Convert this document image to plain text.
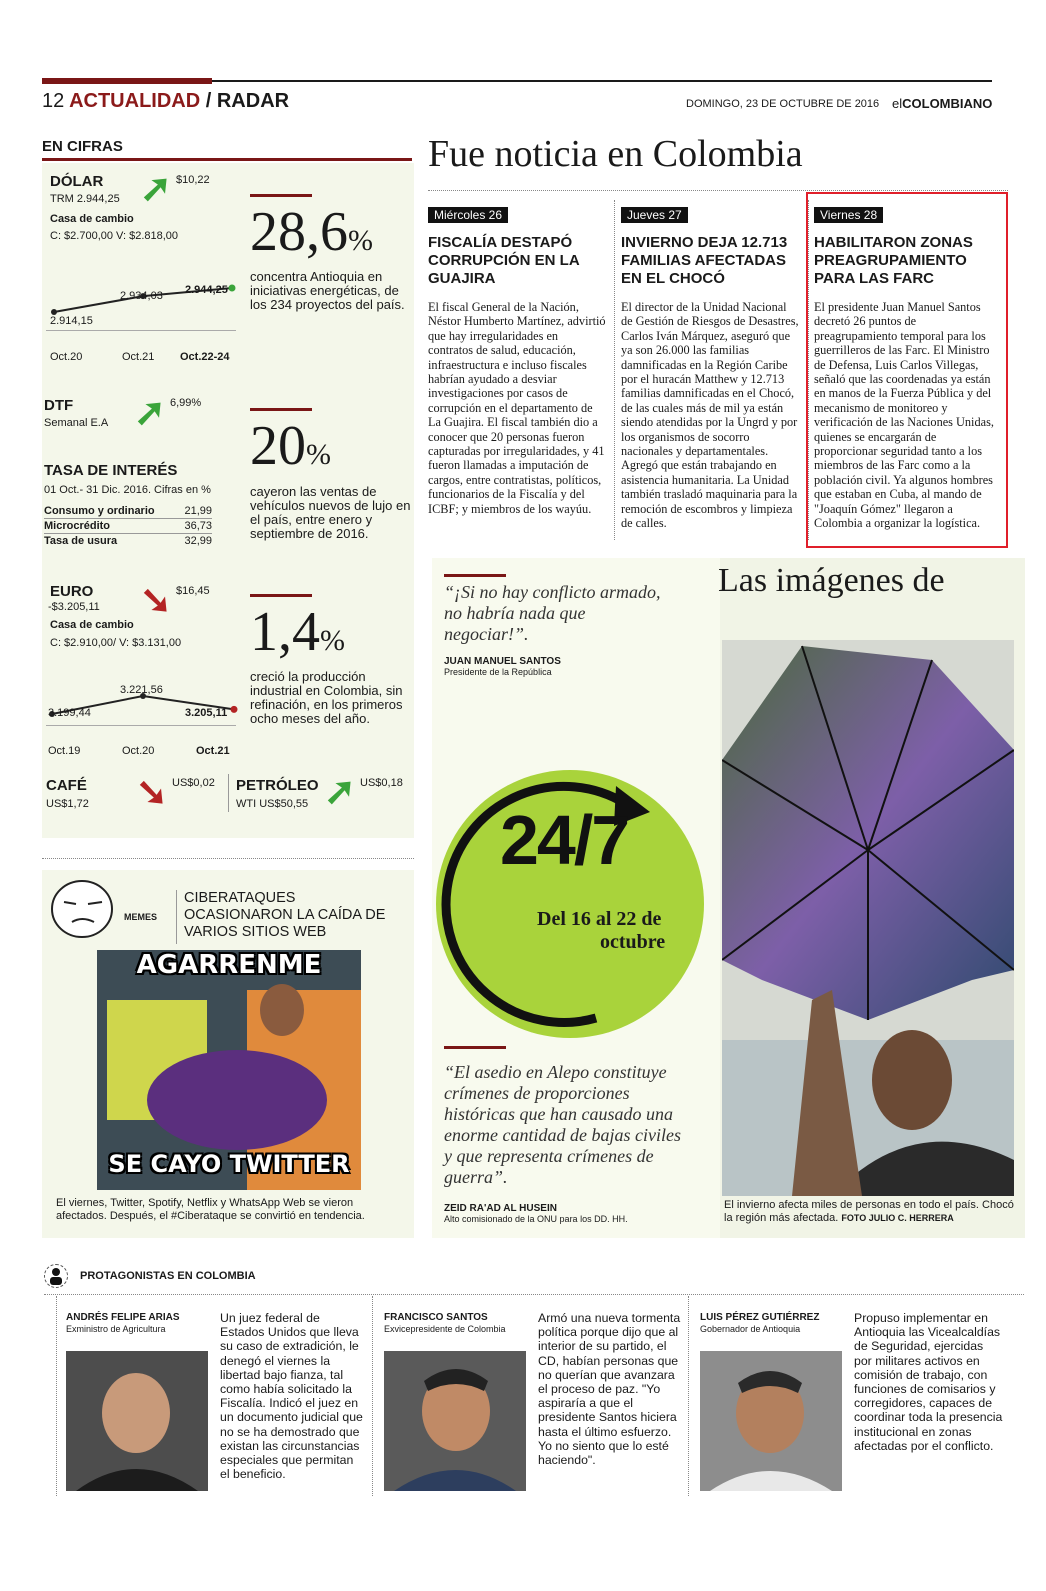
12 ACTUALIDAD / RADAR	DOMINGO, 23 DE OCTUBRE DE 2016 elCOLOMBIANO
EN CIFRAS
DÓLAR ➚ $10,22
TRM 2.944,25
Casa de cambio
C: $2.700,00 V: $2.818,00
2.914,15
2.934,03 2.944,25
Oct.20	Oct.21 Oct.22-24
DTF
Semanal E.A ➚ 6,99%
TASA DE INTERÉS
01 Oct.- 31 Dic. 2016. Cifras en %
Consumo y ordinario	21,99
Microcrédito	36,73
Tasa de usura	32,99
EURO ➘ $16,45
-$3.205,11
Casa de cambio
C: $2.910,00/ V: $3.131,00
3.199,44
3.221,56
3.205,11
Oct.19	Oct.20	Oct.21
CAFÉ
US$1,72 ➘ US$0,02 PETRÓLEO
WTI US$50,55 ➚ US$0,18
28,6%
concentra Antioquia en iniciativas energéticas, de los 234 proyectos del país.
20%
cayeron las ventas de vehículos nuevos de lujo en el país, entre enero y septiembre de 2016.
1,4%
creció la producción industrial en Colombia, sin refinación, en los primeros ocho meses del año.
Fue noticia en Colombia
Miércoles 26
FISCALÍA DESTAPÓ CORRUPCIÓN EN LA GUAJIRA
El fiscal General de la Nación, Néstor Humberto Martínez, advirtió que hay irregularidades en contratos de salud, educación, infraestructura e incluso fiscales habrían ayudado a desviar investigaciones por casos de corrupción en el departamento de La Guajira. El fiscal también dio a conocer que 20 personas fueron capturadas por irregularidades, y 41 fueron llamadas a imputación de cargos, entre contratistas, políticos, funcionarios de la Fiscalía y del ICBF; y miembros de los wayúu.
Jueves 27
INVIERNO DEJA 12.713 FAMILIAS AFECTADAS EN EL CHOCÓ
El director de la Unidad Nacional de Gestión de Riesgos de Desastres, Carlos Iván Márquez, aseguró que ya son 26.000 las familias damnificadas en la Región Caribe por el huracán Matthew y 12.713 familias damnificadas en el Chocó, de las cuales más de mil ya están siendo atendidas por la Ungrd y por los organismos de socorro nacionales y departamentales. Agregó que están trabajando en asistencia humanitaria. La Unidad también trasladó maquinaria para la remoción de escombros y limpieza de calles.
Viernes 28
HABILITARON ZONAS PREAGRUPAMIENTO PARA LAS FARC
El presidente Juan Manuel Santos decretó 26 puntos de preagrupamiento temporal para los guerrilleros de las Farc. El Ministro de Defensa, Luis Carlos Villegas, señaló que las coordenadas ya están en manos de la Fuerza Pública y del mecanismo de monitoreo y verificación de las Naciones Unidas, quienes se encargarán de proporcionar seguridad tanto a los miembros de las Farc como a la población civil. Ya algunos hombres que estaban en Cuba, al mando de "Joaquín Gómez" llegaron a Colombia a organizar la logística.
“¡Si no hay conflicto armado, no habría nada que negociar!”.
JUAN MANUEL SANTOS
Presidente de la República
24/7
Del 16 al 22 de
octubre
“El asedio en Alepo constituye crímenes de proporciones históricas que han causado una enorme cantidad de bajas civiles y que representa crímenes de guerra”.
ZEID RA'AD AL HUSEIN
Alto comisionado de la ONU para los DD. HH.
Las imágenes de
El invierno afecta miles de personas en todo el país. Chocó la región más afectada. FOTO JULIO C. HERRERA
MEMES
CIBERATAQUES OCASIONARON LA CAÍDA DE VARIOS SITIOS WEB
AGARRENME
SE CAYO TWITTER
El viernes, Twitter, Spotify, Netflix y WhatsApp Web se vieron afectados. Después, el #Ciberataque se convirtió en tendencia.
PROTAGONISTAS EN COLOMBIA
ANDRÉS FELIPE ARIAS
Exministro de Agricultura
Un juez federal de Estados Unidos que lleva su caso de extradición, le denegó el viernes la libertad bajo fianza, tal como había solicitado la Fiscalía. Indicó el juez en un documento judicial que no se ha demostrado que existan las circunstancias especiales que permitan el beneficio.
FRANCISCO SANTOS
Exvicepresidente de Colombia
Armó una nueva tormenta política porque dijo que al interior de su partido, el CD, habían personas que no querían que avanzara el proceso de paz. "Yo aspiraría a que el presidente Santos hiciera hasta el último esfuerzo. Yo no siento que lo esté haciendo".
LUIS PÉREZ GUTIÉRREZ
Gobernador de Antioquia
Propuso implementar en Antioquia las Vicealcaldías de Seguridad, ejercidas por militares activos en comisión de trabajo, con funciones de comisarios y corregidores, capaces de coordinar toda la presencia institucional en zonas afectadas por el conflicto.
